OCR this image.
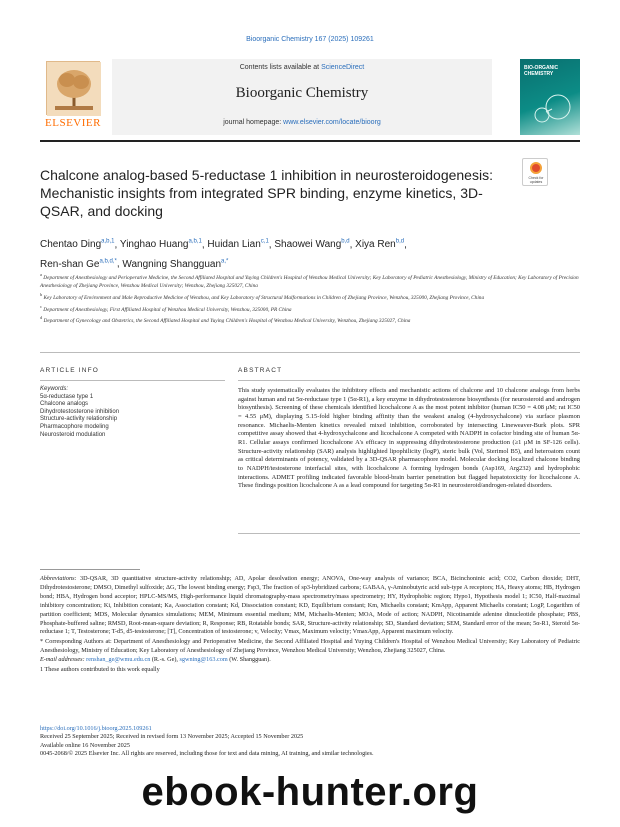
Bioorganic Chemistry 167 (2025) 109261
ELSEVIER
Contents lists available at ScienceDirect
Bioorganic Chemistry
journal homepage: www.elsevier.com/locate/bioorg
BIO-ORGANIC CHEMISTRY
Chalcone analog-based 5-reductase 1 inhibition in neurosteroidogenesis: Mechanistic insights from integrated SPR binding, enzyme kinetics, 3D-QSAR, and docking
Check for updates
Chentao Ding$^{a,b,1}$, Yinghao Huang$^{a,b,1}$, Huidan Lian$^{c,1}$, Shaowei Wang$^{b,d}$, Xiya Ren$^{b,d}$,
Ren-shan $Ge^{a,b,d,*}$, Wangning Shangguan$^{a,*}$
$^a$ Department of Anesthesiology and Perioperative Medicine, the Second Affiliated Hospital and Yuying Children's Hospital of Wenzhou Medical University; Key Laboratory of Pediatric Anesthesiology, Ministry of Education; Key Laboratory of Precision Anesthesiology of Zhejiang Province, Wenzhou Medical University; Wenzhou, Zhejiang 325027, China
$^b$ Key Laboratory of Environment and Male Reproductive Medicine of Wenzhou, and Key Laboratory of Structural Malformations in Children of Zhejiang Province, Wenzhou, 325000, Zhejiang Province, China
$^c$ Department of Anesthesiology, First Affiliated Hospital of Wenzhou Medical University, Wenzhou, 325000, PR China
$^d$ Department of Gynecology and Obstetrics, the Second Affiliated Hospital and Yuying Children's Hospital of Wenzhou Medical University, Wenzhou, Zhejiang 325027, China
ARTICLE INFO	ABSTRACT
Keywords:
5α-reductase type 1
Chalcone analogs
Dihydrotestosterone inhibition
Structure-activity relationship
Pharmacophore modeling
Neurosteroid modulation
This study systematically evaluates the inhibitory effects and mechanistic actions of chalcone and 10 chalcone analogs from herbs against human and rat 5α-reductase type 1 (5α-R1), a key enzyme in dihydrotestosterone biosynthesis (for neurosteroid and androgen biosynthesis). Screening of these chemicals identified licochalcone A as the most potent inhibitor (human IC50 = 4.08 μM; rat IC50 = 4.55 μM), displaying 5.15-fold higher binding affinity than the weakest analog (4-hydroxychalcone) via surface plasmon resonance. Michaelis-Menten kinetics revealed mixed inhibition, corroborated by intersecting Lineweaver-Burk plots. SPR competitive assay showed that 4-hydroxychalcone and licochalcone A competed with NADPH in cofactor binding site of human 5α-R1. Cellular assays confirmed licochalcone A's efficacy in suppressing dihydrotestosterone production (≥1 μM in SF-126 cells). Structure-activity relationship (SAR) analysis highlighted lipophilicity (logP), steric bulk (Vol, Sterimol B5), and heteroatom count as critical determinants of potency, validated by a 3D-QSAR pharmacophore model. Molecular docking localized chalcone binding to NADPH/testosterone interfacial sites, with licochalcone A forming hydrogen bonds (Asp169, Arg232) and hydrophobic interactions. ADMET profiling indicated favorable blood-brain barrier penetration but flagged hepatotoxicity for licochalcone A. These findings position licochalcone A as a lead compound for targeting 5α-R1 in neurosteroid/androgen-related disorders.
Abbreviations: 3D-QSAR, 3D quantitative structure-activity relationship; AD, Apolar desolvation energy; ANOVA, One-way analysis of variance; BCA, Bicinchoninic acid; CO2, Carbon dioxide; DHT, Dihydrotestosterone; DMSO, Dimethyl sulfoxide; ΔG, The lowest binding energy; Fsp3, The fraction of sp3-hybridized carbons; GABAA, γ-Aminobutyric acid sub-type A receptors; HA, Heavy atoms; HB, Hydrogen bond; HBA, Hydrogen bond acceptor; HPLC-MS/MS, High-performance liquid chromatography-mass spectrometry/mass spectrometry; HY, Hydrophobic region; Hypo1, Hypothesis model 1; IC50, Half-maximal inhibitory concentration; Ki, Inhibition constant; Ka, Association constant; Kd, Dissociation constant; KD, Equilibrium constant; Km, Michaelis constant; KmApp, Apparent Michaelis constant; LogP, Logarithm of partition coefficient; MDS, Molecular dynamics simulations; MEM, Minimum essential medium; MM, Michaelis-Menten; MOA, Mode of action; NADPH, Nicotinamide adenine dinucleotide phosphate; PBS, Phosphate-buffered saline; RMSD, Root-mean-square deviation; R, Response; RB, Rotatable bonds; SAR, Structure-activity relationship; SD, Standard deviation; SEM, Standard error of the mean; 5α-R1, Steroid 5α-reductase 1; T, Testosterone; T-d5, d5-testosterone; [T], Concentration of testosterone; v, Velocity; Vmax, Maximum velocity; VmaxApp, Apparent maximum velocity.
* Corresponding Authors at: Department of Anesthesiology and Perioperative Medicine, the Second Affiliated Hospital and Yuying Children's Hospital of Wenzhou Medical University; Key Laboratory of Pediatric Anesthesiology, Ministry of Education; Key Laboratory of Anesthesiology of Zhejiang Province, Wenzhou Medical University; Wenzhou, Zhejiang 325027, China.
E-mail addresses: renshan_ge@wmu.edu.cn (R.-s. Ge), sgwning@163.com (W. Shangguan).
1 These authors contributed to this work equally
https://doi.org/10.1016/j.bioorg.2025.109261
Received 25 September 2025; Received in revised form 13 November 2025; Accepted 15 November 2025
Available online 16 November 2025
0045-2068/© 2025 Elsevier Inc. All rights are reserved, including those for text and data mining, AI training, and similar technologies.
ebook-hunter.org
